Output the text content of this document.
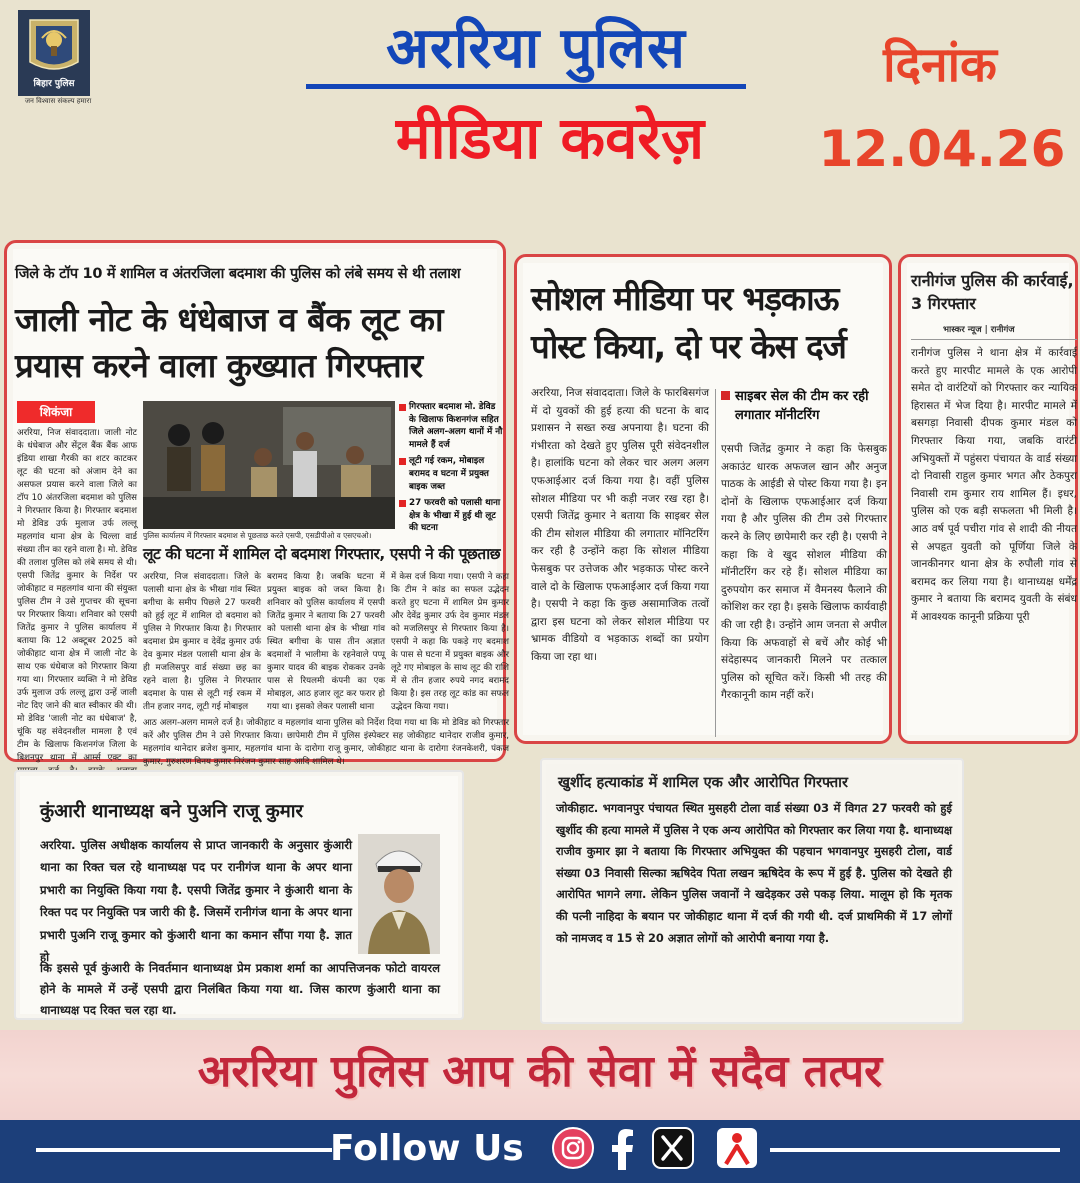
बिहार पुलिस
जन विश्वास संकल्प हमारा
अररिया पुलिस
मीडिया कवरेज़
दिनांक
12.04.26
जिले के टॉप 10 में शामिल व अंतरजिला बदमाश की पुलिस को लंबे समय से थी तलाश
जाली नोट के धंधेबाज व बैंक लूट का प्रयास करने वाला कुख्यात गिरफ्तार
शिकंजा
पुलिस कार्यालय में गिरफ्तार बदमाश से पूछताछ करते एसपी, एसडीपीओ व एसएचओ।
गिरफ्तार बदमाश मो. डेविड के खिलाफ किशनगंज सहित जिले अलग-अलग थानों में नौ मामले हैं दर्ज
लूटी गई रकम, मोबाइल बरामद व घटना में प्रयुक्त बाइक जब्त
27 फरवरी को पलासी थाना क्षेत्र के भीखा में हुई थी लूट की घटना
अररिया, निज संवाददाता। जाली नोट के धंधेबाज और सेंट्रल बैंक बैंक आफ इंडिया शाखा गैरकी का शटर काटकर लूट की घटना को अंजाम देने का असफल प्रयास करने वाला जिले का टॉप 10 अंतरजिला बदमाश को पुलिस ने गिरफ्तार किया है। गिरफ्तार बदमाश मो डेविड उर्फ मुलाज उर्फ लल्लू महलगांव थाना क्षेत्र के चिल्ला वार्ड संख्या तीन का रहने वाला है। मो. डेविड की तलाश पुलिस को लंबे समय से थी। एसपी जितेंद्र कुमार के निर्देश पर जोकीहाट व महलगांव थाना की संयुक्त पुलिस टीम ने उसे गुप्तचर की सूचना पर गिरफ्तार किया। शनिवार को एसपी जितेंद्र कुमार ने पुलिस कार्यालय में बताया कि 12 अक्टूबर 2025 को जोकीहाट थाना क्षेत्र में जाली नोट के साथ एक धंधेबाज को गिरफ्तार किया गया था। गिरफ्तार व्यक्ति ने मो डेविड उर्फ मुलाज उर्फ लल्लू द्वारा उन्हें जाली नोट दिए जाने की बात स्वीकार की थी। मो डेविड 'जाली नोट का धंधेबाज' है, चूंकि यह संवेदनशील मामला है एवं टीम के खिलाफ किशनगंज जिला के बिशनपुर थाना में आर्म्स एक्ट का
लूट की घटना में शामिल दो बदमाश गिरफ्तार, एसपी ने की पूछताछ
अररिया, निज संवाददाता। जिले के पलासी थाना क्षेत्र के भीखा गांव स्थित बगीचा के समीप पिछले 27 फरवरी को हुई लूट में शामिल दो बदमाश को पुलिस ने गिरफ्तार किया है। गिरफ्तार बदमाश प्रेम कुमार व देवेंद्र कुमार उर्फ देव कुमार मंडल पलासी थाना क्षेत्र के ही मजलिसपुर वार्ड संख्या छह का रहने वाला है। पुलिस ने गिरफ्तार बदमाश के पास से लूटी गई रकम में तीन हजार नगद, लूटी गई मोबाइल
बरामद किया है। जबकि घटना में प्रयुक्त बाइक को जब्त किया है। शनिवार को पुलिस कार्यालय में एसपी जितेंद्र कुमार ने बताया कि 27 फरवरी को पलासी थाना क्षेत्र के भीखा गांव स्थित बगीचा के पास तीन अज्ञात बदमाशों ने भालीमा के रहनेवाले पप्पू कुमार यादव की बाइक रोककर उनके पास से रियलमी कंपनी का एक मोबाइल, आठ हजार लूट कर फरार हो गया था। इसको लेकर पलासी थाना
में केस दर्ज किया गया। एसपी ने कहा कि टीम ने कांड का सफल उद्भेदन करते हुए घटना में शामिल प्रेम कुमार और देवेंद्र कुमार उर्फ देव कुमार मंडल को मजलिसपुर से गिरफ्तार किया है। एसपी ने कहा कि पकड़े गए बदमाश के पास से घटना में प्रयुक्त बाइक और लूटे गए मोबाइल के साथ लूट की राशि में से तीन हजार रुपये नगद बरामद किया है। इस तरह लूट कांड का सफल उद्भेदन किया गया।
आठ अलग-अलग मामले दर्ज है। जोकीहाट व महलगांव थाना पुलिस को निर्देश दिया गया था कि मो डेविड को गिरफ्तार करें और पुलिस टीम ने उसे गिरफ्तार किया। छापेमारी टीम में पुलिस इंस्पेक्टर सह जोकीहाट थानेदार राजीव कुमार, महलगांव थानेदार ब्रजेश कुमार, महलगांव थाना के दारोगा राजू कुमार, जोकीहाट थाना के दारोगा रंजनकेशरी, पंकज कुमार, गुरुशरण विनय कुमार निरंजन कुमार साह आदि शामिल थे।
सोशल मीडिया पर भड़काऊ पोस्ट किया, दो पर केस दर्ज
अररिया, निज संवाददाता। जिले के फारबिसगंज में दो युवकों की हुई हत्या की घटना के बाद प्रशासन ने सख्त रुख अपनाया है। घटना की गंभीरता को देखते हुए पुलिस पूरी संवेदनशील है। हालांकि घटना को लेकर चार अलग अलग एफआईआर दर्ज किया गया है। वहीं पुलिस सोशल मीडिया पर भी कड़ी नजर रख रहा है। एसपी जितेंद्र कुमार ने बताया कि साइबर सेल की टीम सोशल मीडिया की लगातार मॉनिटरिंग कर रही है उन्होंने कहा कि सोशल मीडिया फेसबुक पर उत्तेजक और भड़काऊ पोस्ट करने वाले दो के खिलाफ एफआईआर दर्ज किया गया है। एसपी ने कहा कि कुछ असामाजिक तत्वों द्वारा इस घटना को लेकर सोशल मीडिया पर भ्रामक वीडियो व भड़काऊ शब्दों का प्रयोग किया जा रहा था।
साइबर सेल की टीम कर रही लगातार मॉनीटरिंग
एसपी जितेंद्र कुमार ने कहा कि फेसबुक अकाउंट धारक अफजल खान और अनुज पाठक के आईडी से पोस्ट किया गया है। इन दोनों के खिलाफ एफआईआर दर्ज किया गया है और पुलिस की टीम उसे गिरफ्तार करने के लिए छापेमारी कर रही है। एसपी ने कहा कि वे खुद सोशल मीडिया की मॉनीटरिंग कर रहे हैं। सोशल मीडिया का दुरुपयोग कर समाज में वैमनस्य फैलाने की कोशिश कर रहा है। इसके खिलाफ कार्यवाही की जा रही है। उन्होंने आम जनता से अपील किया कि अफवाहों से बचें और कोई भी संदेहास्पद जानकारी मिलने पर तत्काल पुलिस को सूचित करें। किसी भी तरह की गैरकानूनी काम नहीं करें।
रानीगंज पुलिस की कार्रवाई, 3 गिरफ्तार
भास्कर न्यूज | रानीगंज
रानीगंज पुलिस ने थाना क्षेत्र में कार्रवाई करते हुए मारपीट मामले के एक आरोपी समेत दो वारंटियों को गिरफ्तार कर न्यायिक हिरासत में भेज दिया है। मारपीट मामले में बसगड़ा निवासी दीपक कुमार मंडल को गिरफ्तार किया गया, जबकि वारंटी अभियुक्तों में पहुंसरा पंचायत के वार्ड संख्या दो निवासी राहुल कुमार भगत और ठेकपुरा निवासी राम कुमार राय शामिल हैं। इधर, पुलिस को एक बड़ी सफलता भी मिली है। आठ वर्ष पूर्व पचीरा गांव से शादी की नीयत से अपहृत युवती को पूर्णिया जिले के जानकीनगर थाना क्षेत्र के रुपौली गांव से बरामद कर लिया गया है। थानाध्यक्ष धर्मेंद्र कुमार ने बताया कि बरामद युवती के संबंध में आवश्यक कानूनी प्रक्रिया पूरी
कुंआरी थानाध्यक्ष बने पुअनि राजू कुमार
अररिया. पुलिस अधीक्षक कार्यालय से प्राप्त जानकारी के अनुसार कुंआरी थाना का रिक्त चल रहे थानाध्यक्ष पद पर रानीगंज थाना के अपर थाना प्रभारी का नियुक्ति किया गया है. एसपी जितेंद्र कुमार ने कुंआरी थाना के रिक्त पद पर नियुक्ति पत्र जारी की है. जिसमें रानीगंज थाना के अपर थाना प्रभारी पुअनि राजू कुमार को कुंआरी थाना का कमान सौंपा गया है. ज्ञात हो
कि इससे पूर्व कुंआरी के निवर्तमान थानाध्यक्ष प्रेम प्रकाश शर्मा का आपत्तिजनक फोटो वायरल होने के मामले में उन्हें एसपी द्वारा निलंबित किया गया था. जिस कारण कुंआरी थाना का थानाध्यक्ष पद रिक्त चल रहा था.
खुर्शीद हत्याकांड में शामिल एक और आरोपित गिरफ्तार
जोकीहाट. भगवानपुर पंचायत स्थित मुसहरी टोला वार्ड संख्या 03 में विगत 27 फरवरी को हुई खुर्शीद की हत्या मामले में पुलिस ने एक अन्य आरोपित को गिरफ्तार कर लिया गया है. थानाध्यक्ष राजीव कुमार झा ने बताया कि गिरफ्तार अभियुक्त की पहचान भगवानपुर मुसहरी टोला, वार्ड संख्या 03 निवासी सिल्का ऋषिदेव पिता लखन ऋषिदेव के रूप में हुई है. पुलिस को देखते ही आरोपित भागने लगा. लेकिन पुलिस जवानों ने खदेड़कर उसे पकड़ लिया. मालूम हो कि मृतक की पत्नी नाहिदा के बयान पर जोकीहाट थाना में दर्ज की गयी थी. दर्ज प्राथमिकी में 17 लोगों को नामजद व 15 से 20 अज्ञात लोगों को आरोपी बनाया गया है.
अररिया पुलिस आप की सेवा में सदैव तत्पर
Follow Us
